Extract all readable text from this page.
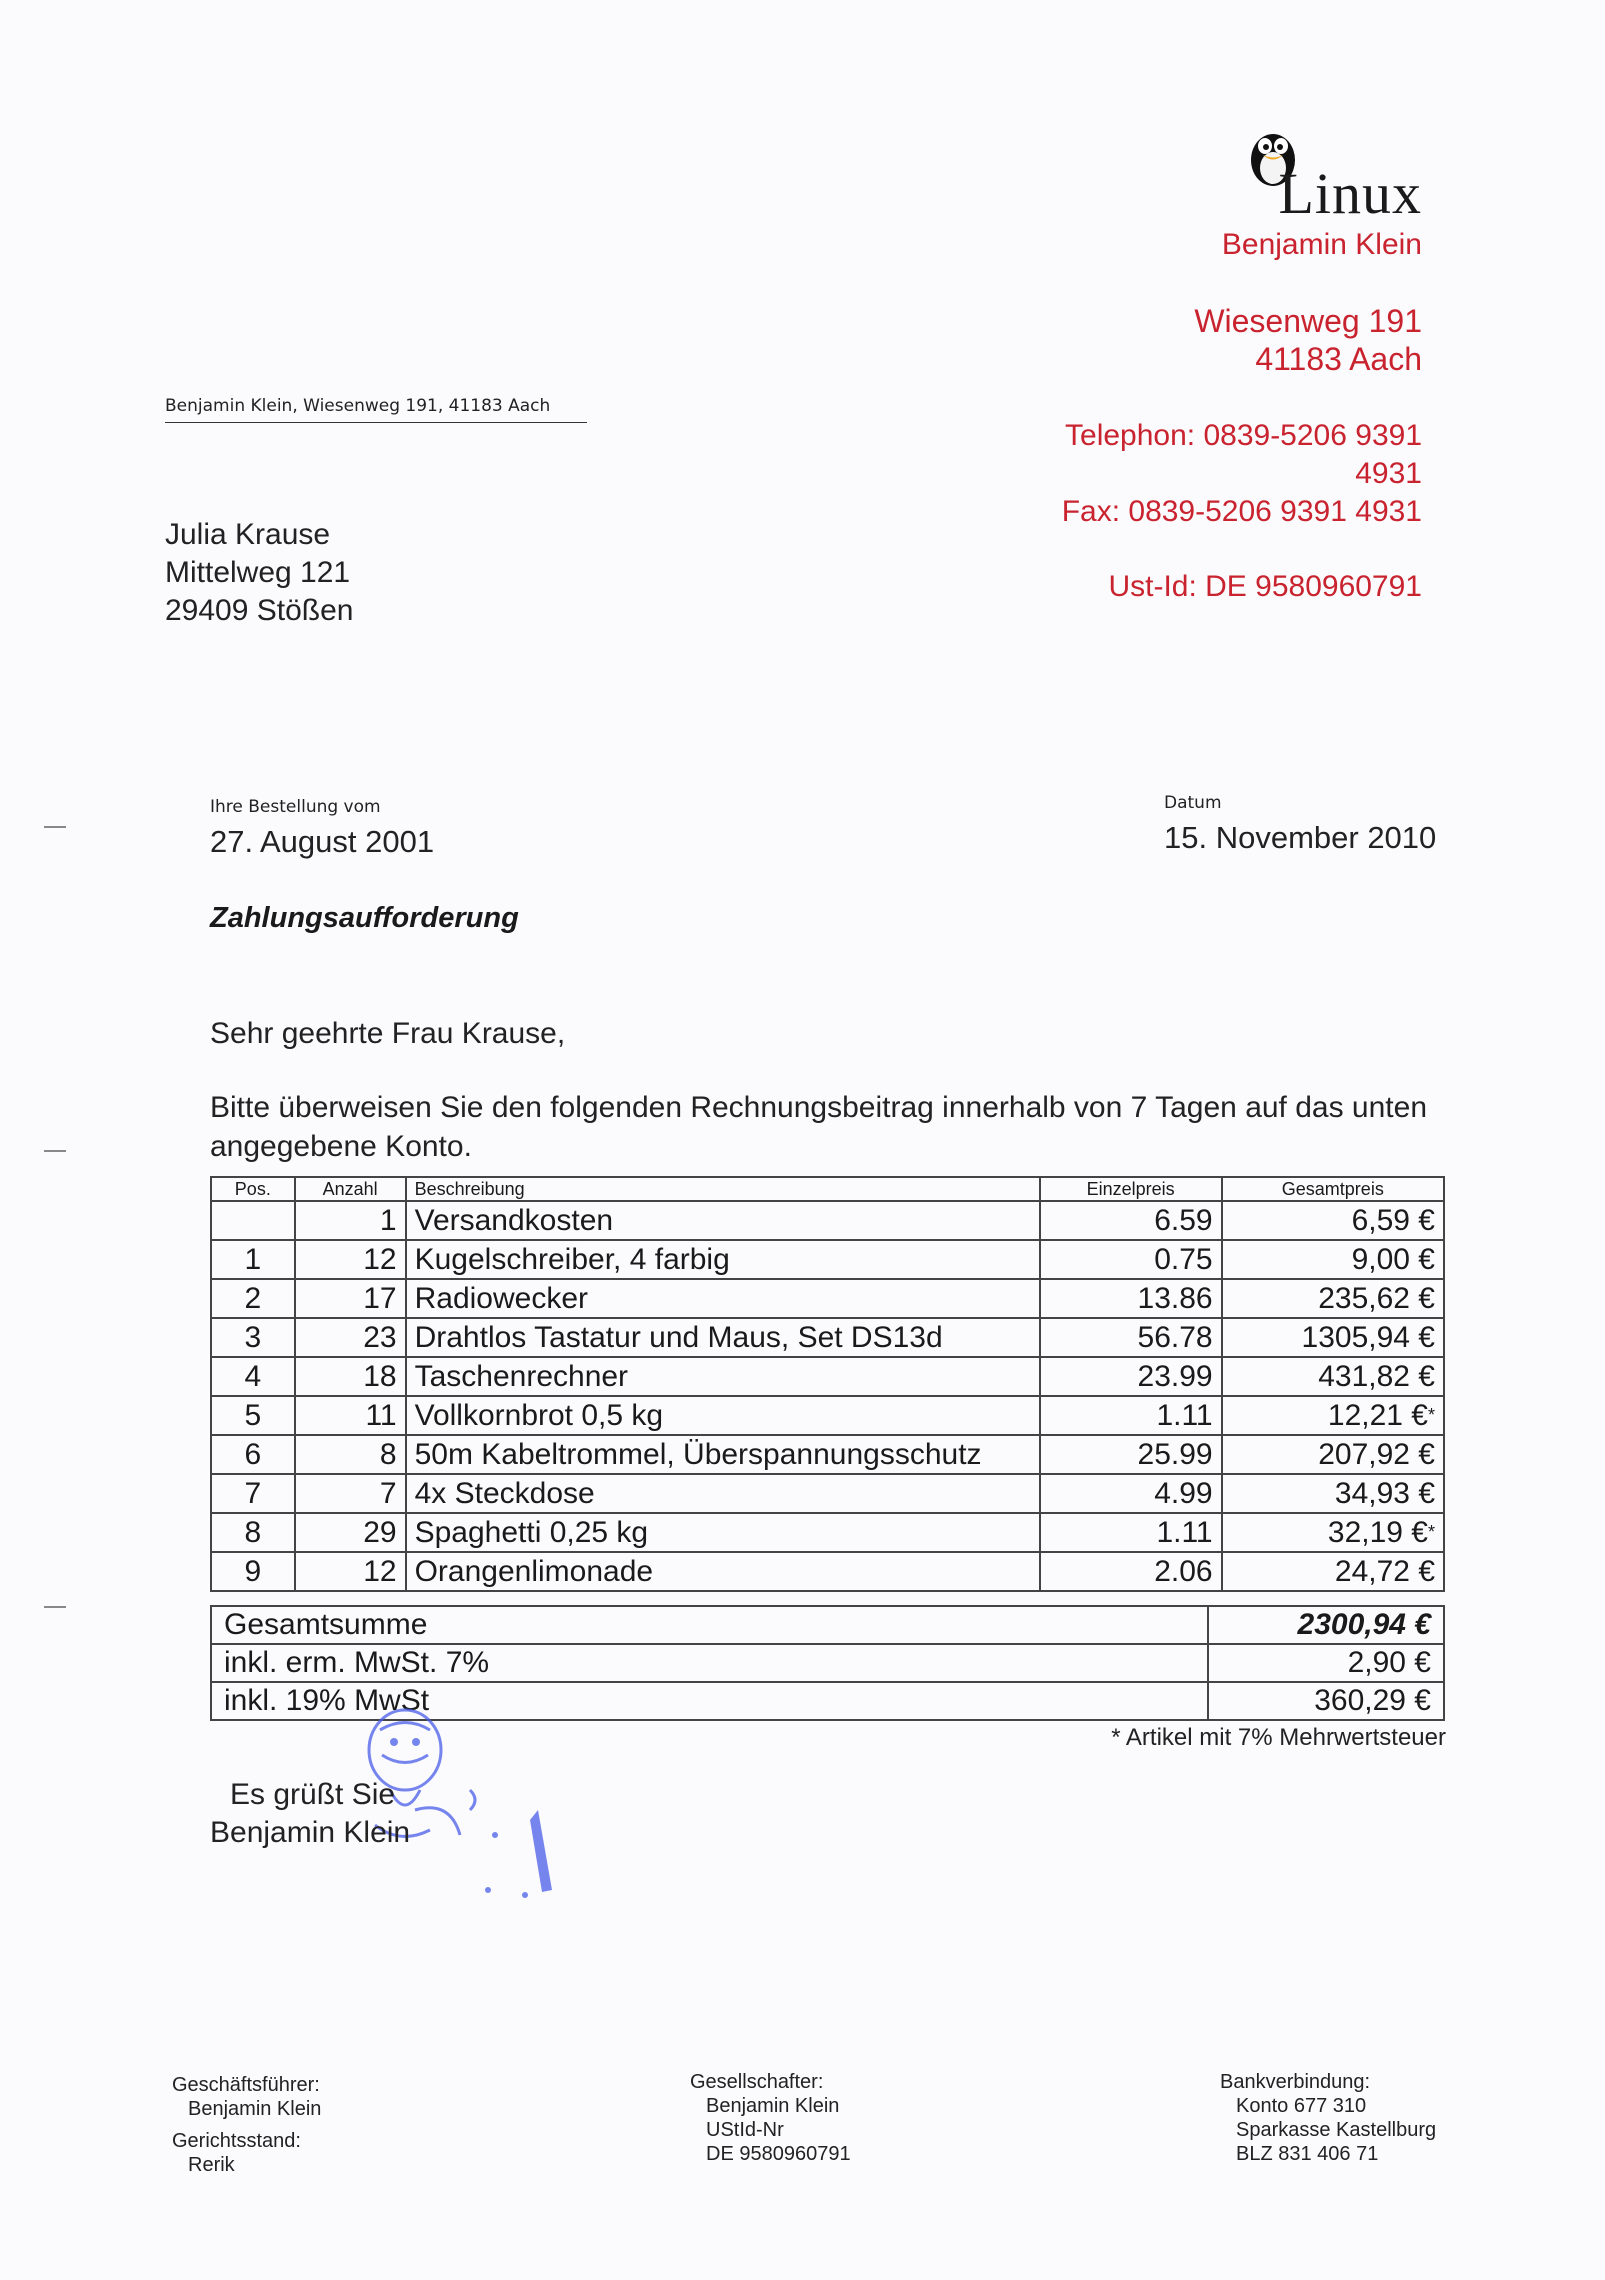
Linux
Benjamin Klein
Wiesenweg 191
41183 Aach
Telephon: 0839-5206 9391
4931
Fax: 0839-5206 9391 4931
Ust-Id: DE 9580960791
Benjamin Klein, Wiesenweg 191, 41183 Aach
Julia Krause
Mittelweg 121
29409 Stößen
Ihre Bestellung vom
27. August 2001
Datum
15. November 2010
Zahlungsaufforderung
Sehr geehrte Frau Krause,
Bitte überweisen Sie den folgenden Rechnungsbeitrag innerhalb von 7 Tagen auf das unten angegebene Konto.
Pos.	Anzahl	Beschreibung	Einzelpreis	Gesamtpreis
	1	Versandkosten	6.59	6,59 €
1	12	Kugelschreiber, 4 farbig	0.75	9,00 €
2	17	Radiowecker	13.86	235,62 €
3	23	Drahtlos Tastatur und Maus, Set DS13d	56.78	1305,94 €
4	18	Taschenrechner	23.99	431,82 €
5	11	Vollkornbrot 0,5 kg	1.11	12,21 €*
6	8	50m Kabeltrommel, Überspannungsschutz	25.99	207,92 €
7	7	4x Steckdose	4.99	34,93 €
8	29	Spaghetti 0,25 kg	1.11	32,19 €*
9	12	Orangenlimonade	2.06	24,72 €
Gesamtsumme	2300,94 €
inkl. erm. MwSt. 7%	2,90 €
inkl. 19% MwSt	360,29 €
* Artikel mit 7% Mehrwertsteuer
Es grüßt Sie
Benjamin Klein
Geschäftsführer:
Benjamin Klein
Gerichtsstand:
Rerik
Gesellschafter:
Benjamin Klein
UStId-Nr
DE 9580960791
Bankverbindung:
Konto 677 310
Sparkasse Kastellburg
BLZ 831 406 71
